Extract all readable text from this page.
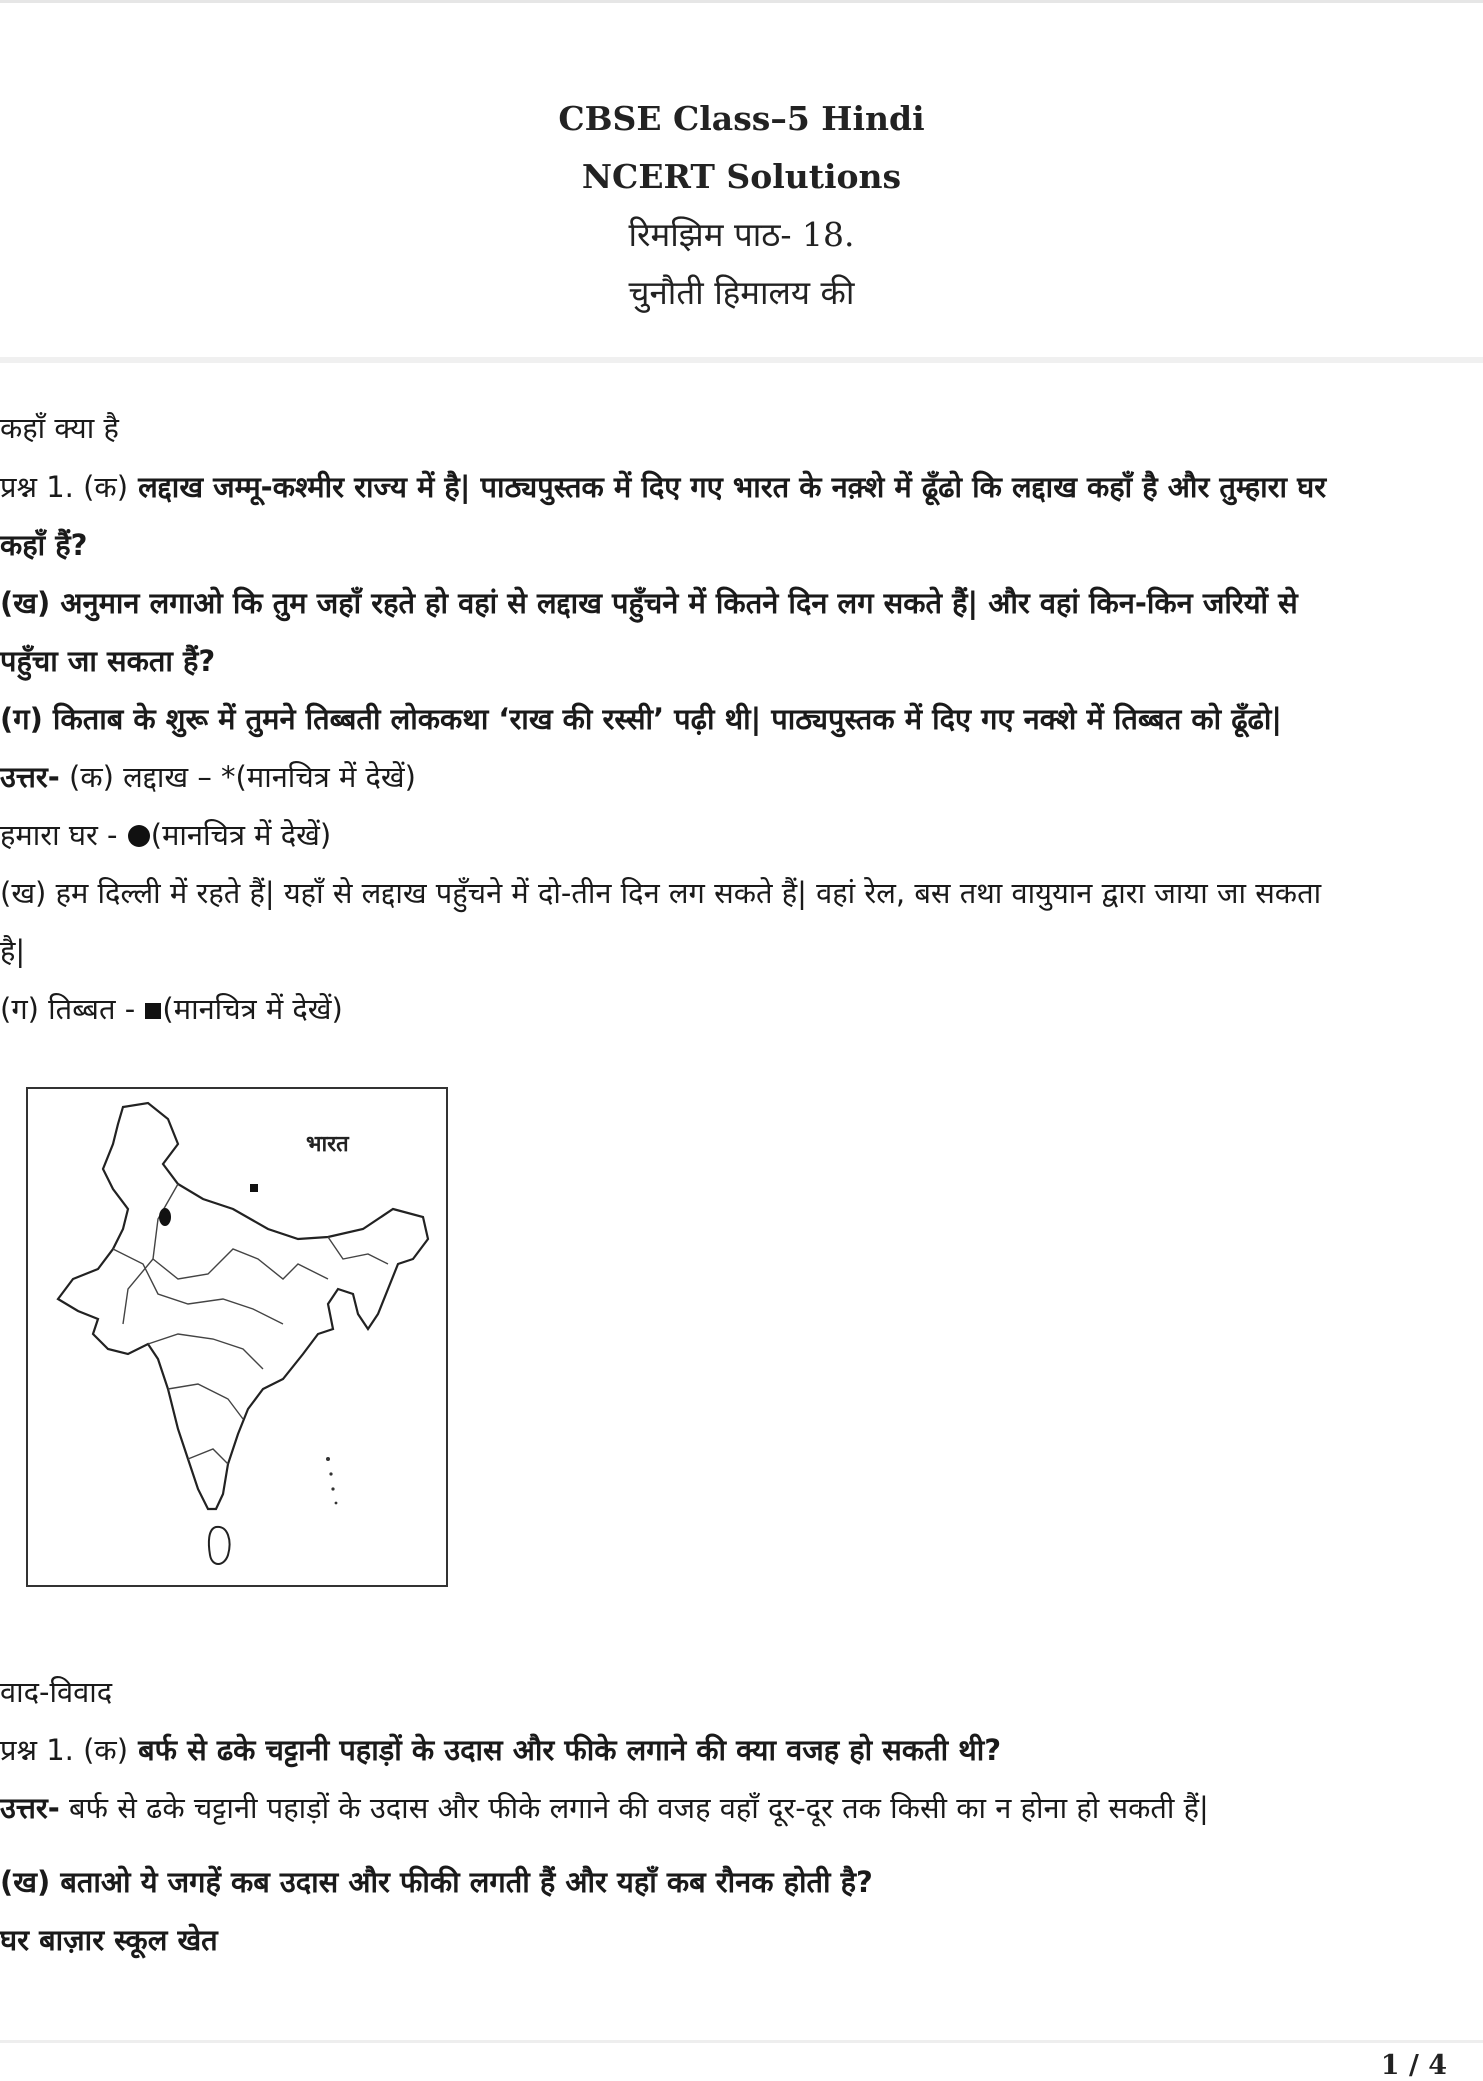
CBSE Class–5 Hindi
NCERT Solutions
रिमझिम पाठ- 18.
चुनौती हिमालय की
कहाँ क्या है
प्रश्न 1. (क) लद्दाख जम्मू-कश्मीर राज्य में है| पाठ्यपुस्तक में दिए गए भारत के नक़्शे में ढूँढो कि लद्दाख कहाँ है और तुम्हारा घर
कहाँ हैं?
(ख) अनुमान लगाओ कि तुम जहाँ रहते हो वहां से लद्दाख पहुँचने में कितने दिन लग सकते हैं| और वहां किन-किन जरियों से
पहुँचा जा सकता हैं?
(ग) किताब के शुरू में तुमने तिब्बती लोककथा ‘राख की रस्सी’ पढ़ी थी| पाठ्यपुस्तक में दिए गए नक्शे में तिब्बत को ढूँढो|
उत्तर- (क) लद्दाख – *(मानचित्र में देखें)
हमारा घर - (मानचित्र में देखें)
(ख) हम दिल्ली में रहते हैं| यहाँ से लद्दाख पहुँचने में दो-तीन दिन लग सकते हैं| वहां रेल, बस तथा वायुयान द्वारा जाया जा सकता
है|
(ग) तिब्बत - (मानचित्र में देखें)
भारत
वाद-विवाद
प्रश्न 1. (क) बर्फ से ढके चट्टानी पहाड़ों के उदास और फीके लगाने की क्या वजह हो सकती थी?
उत्तर- बर्फ से ढके चट्टानी पहाड़ों के उदास और फीके लगाने की वजह वहाँ दूर-दूर तक किसी का न होना हो सकती हैं|
(ख) बताओ ये जगहें कब उदास और फीकी लगती हैं और यहाँ कब रौनक होती है?
घर बाज़ार स्कूल खेत
1 / 4
